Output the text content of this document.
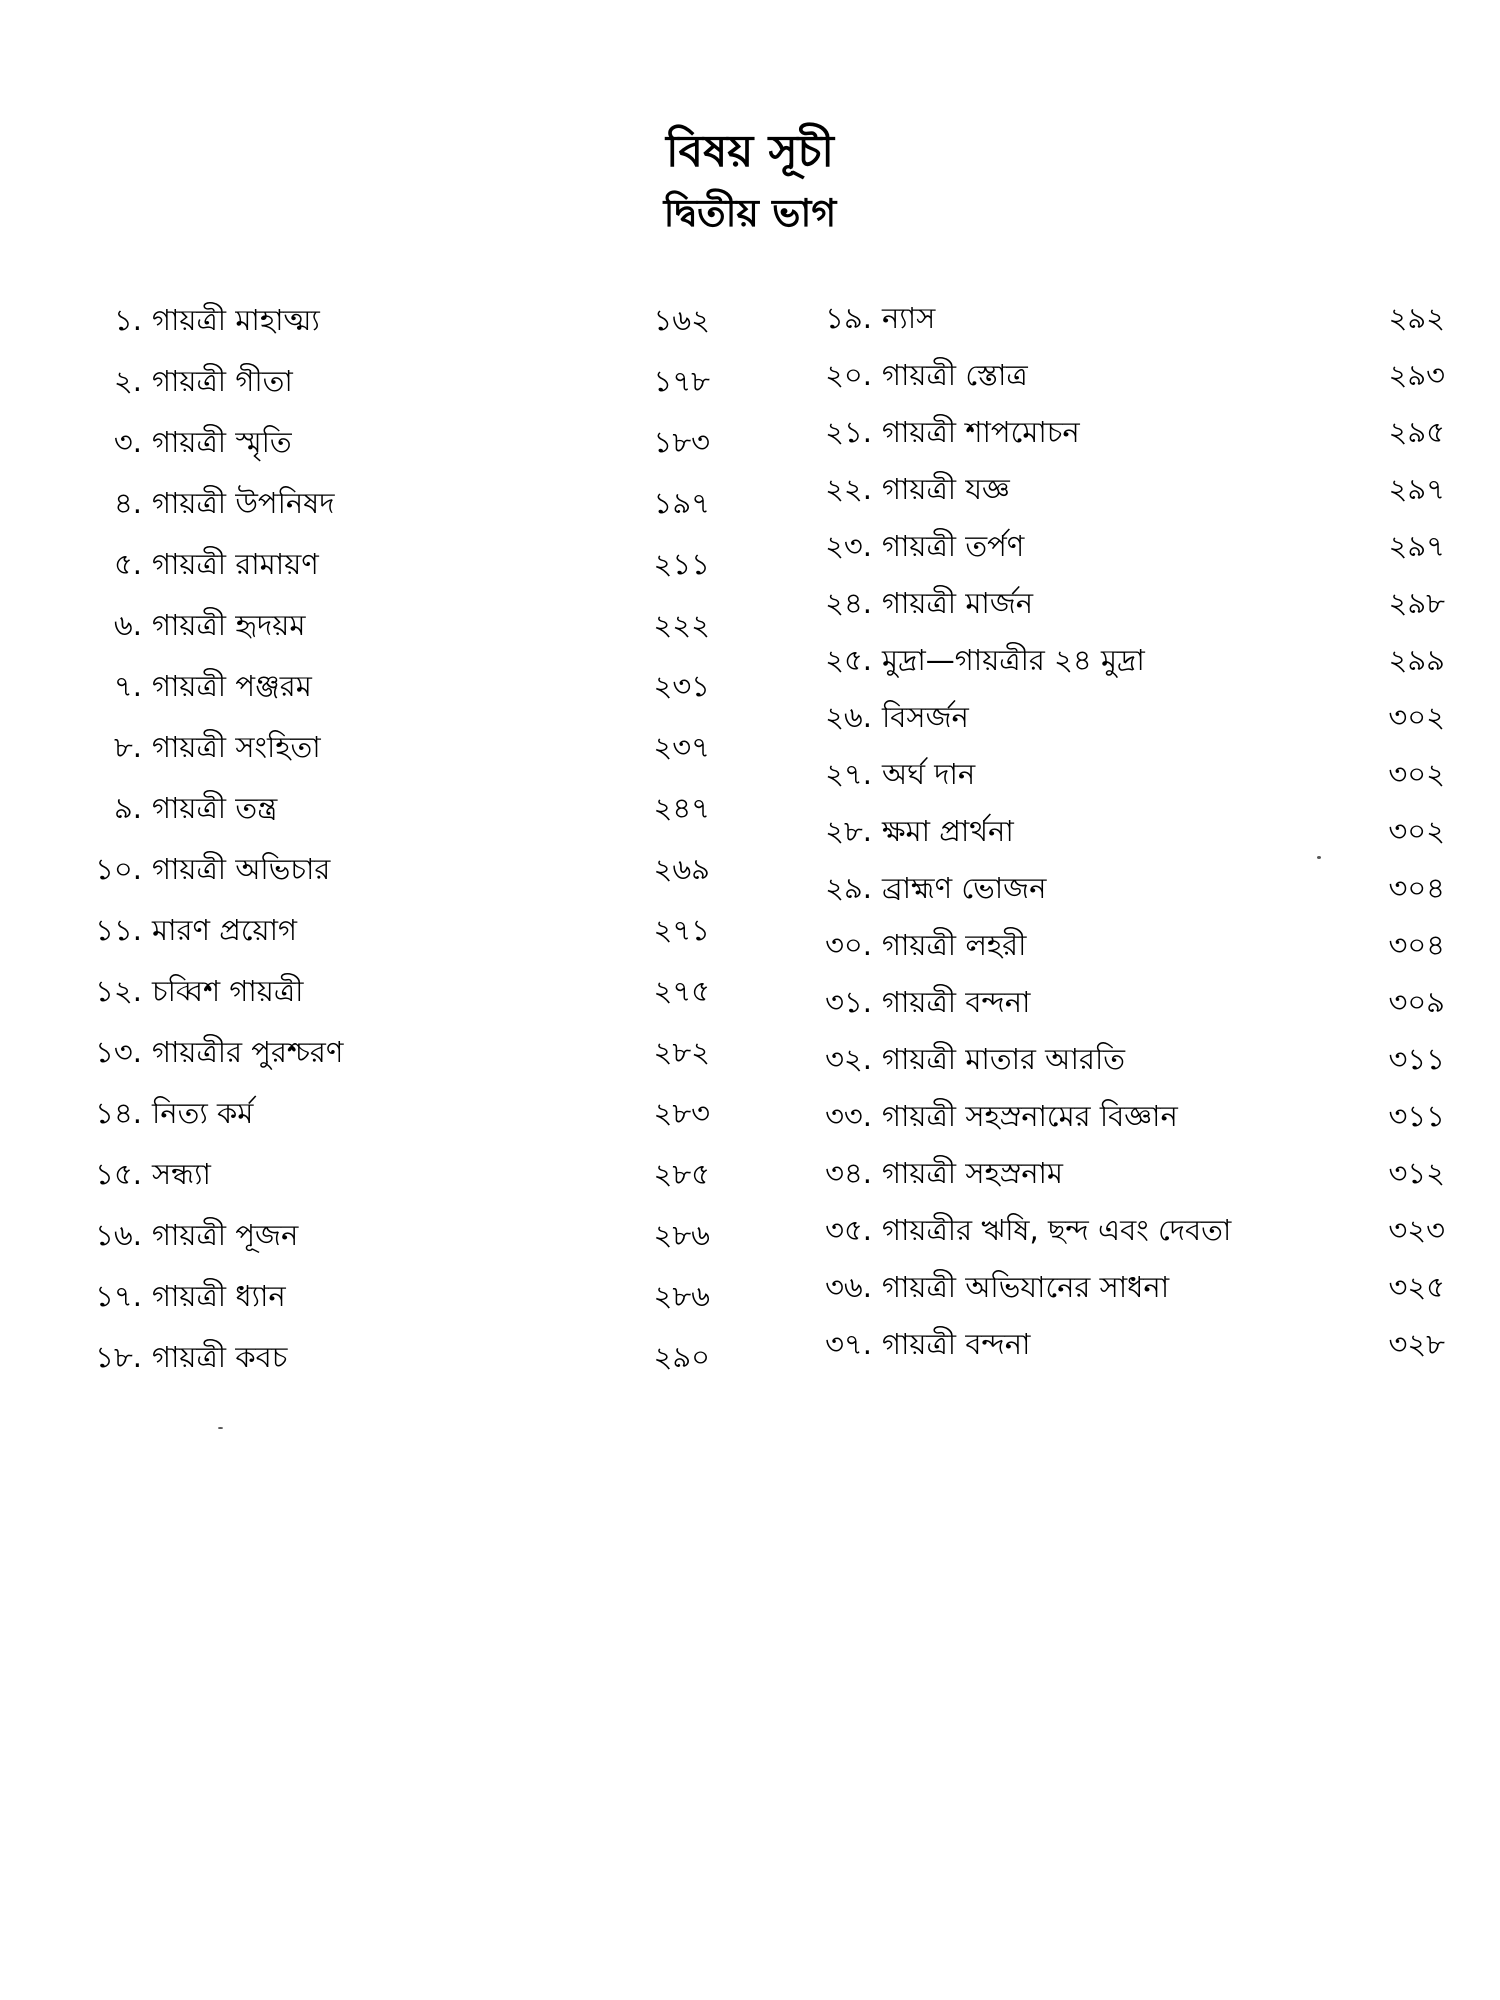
বিষয় সূচী
দ্বিতীয় ভাগ
১. গায়ত্রী মাহাত্ম্য	১৬২
২. গায়ত্রী গীতা	১৭৮
৩. গায়ত্রী স্মৃতি	১৮৩
৪. গায়ত্রী উপনিষদ	১৯৭
৫. গায়ত্রী রামায়ণ	২১১
৬. গায়ত্রী হৃদয়ম	২২২
৭. গায়ত্রী পঞ্জরম	২৩১
৮. গায়ত্রী সংহিতা	২৩৭
৯. গায়ত্রী তন্ত্র	২৪৭
১০. গায়ত্রী অভিচার	২৬৯
১১. মারণ প্রয়োগ	২৭১
১২. চব্বিশ গায়ত্রী	২৭৫
১৩. গায়ত্রীর পুরশ্চরণ	২৮২
১৪. নিত্য কর্ম	২৮৩
১৫. সন্ধ্যা	২৮৫
১৬. গায়ত্রী পূজন	২৮৬
১৭. গায়ত্রী ধ্যান	২৮৬
১৮. গায়ত্রী কবচ	২৯০
১৯. ন্যাস	২৯২
২০. গায়ত্রী স্তোত্র	২৯৩
২১. গায়ত্রী শাপমোচন	২৯৫
২২. গায়ত্রী যজ্ঞ	২৯৭
২৩. গায়ত্রী তর্পণ	২৯৭
২৪. গায়ত্রী মার্জন	২৯৮
২৫. মুদ্রা—গায়ত্রীর ২৪ মুদ্রা	২৯৯
২৬. বিসর্জন	৩০২
২৭. অর্ঘ দান	৩০২
২৮. ক্ষমা প্রার্থনা	৩০২
২৯. ব্রাহ্মণ ভোজন	৩০৪
৩০. গায়ত্রী লহরী	৩০৪
৩১. গায়ত্রী বন্দনা	৩০৯
৩২. গায়ত্রী মাতার আরতি	৩১১
৩৩. গায়ত্রী সহস্রনামের বিজ্ঞান	৩১১
৩৪. গায়ত্রী সহস্রনাম	৩১২
৩৫. গায়ত্রীর ঋষি, ছন্দ এবং দেবতা	৩২৩
৩৬. গায়ত্রী অভিযানের সাধনা	৩২৫
৩৭. গায়ত্রী বন্দনা	৩২৮
